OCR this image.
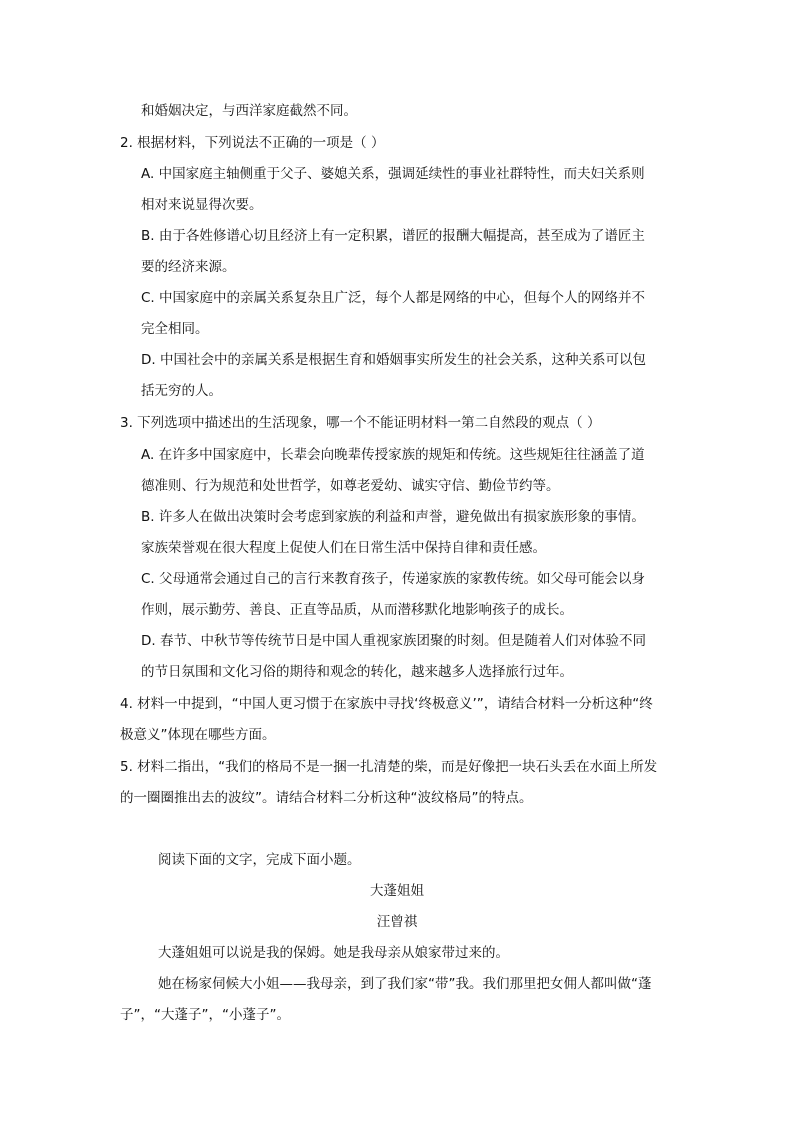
和婚姻决定，与西洋家庭截然不同。
2. 根据材料，下列说法不正确的一项是（ ）
A. 中国家庭主轴侧重于父子、婆媳关系，强调延续性的事业社群特性，而夫妇关系则
相对来说显得次要。
B. 由于各姓修谱心切且经济上有一定积累，谱匠的报酬大幅提高，甚至成为了谱匠主
要的经济来源。
C. 中国家庭中的亲属关系复杂且广泛，每个人都是网络的中心，但每个人的网络并不
完全相同。
D. 中国社会中的亲属关系是根据生育和婚姻事实所发生的社会关系，这种关系可以包
括无穷的人。
3. 下列选项中描述出的生活现象，哪一个不能证明材料一第二自然段的观点（ ）
A. 在许多中国家庭中，长辈会向晚辈传授家族的规矩和传统。这些规矩往往涵盖了道
德准则、行为规范和处世哲学，如尊老爱幼、诚实守信、勤俭节约等。
B. 许多人在做出决策时会考虑到家族的利益和声誉，避免做出有损家族形象的事情。
家族荣誉观在很大程度上促使人们在日常生活中保持自律和责任感。
C. 父母通常会通过自己的言行来教育孩子，传递家族的家教传统。如父母可能会以身
作则，展示勤劳、善良、正直等品质，从而潜移默化地影响孩子的成长。
D. 春节、中秋节等传统节日是中国人重视家族团聚的时刻。但是随着人们对体验不同
的节日氛围和文化习俗的期待和观念的转化，越来越多人选择旅行过年。
4. 材料一中提到，“中国人更习惯于在家族中寻找‘终极意义’”，请结合材料一分析这种“终
极意义”体现在哪些方面。
5. 材料二指出，“我们的格局不是一捆一扎清楚的柴，而是好像把一块石头丢在水面上所发
的一圈圈推出去的波纹”。请结合材料二分析这种“波纹格局”的特点。
阅读下面的文字，完成下面小题。
大蓬姐姐
汪曾祺
大蓬姐姐可以说是我的保姆。她是我母亲从娘家带过来的。
她在杨家伺候大小姐——我母亲，到了我们家“带”我。我们那里把女佣人都叫做“蓬
子”，“大蓬子”，“小蓬子”。
